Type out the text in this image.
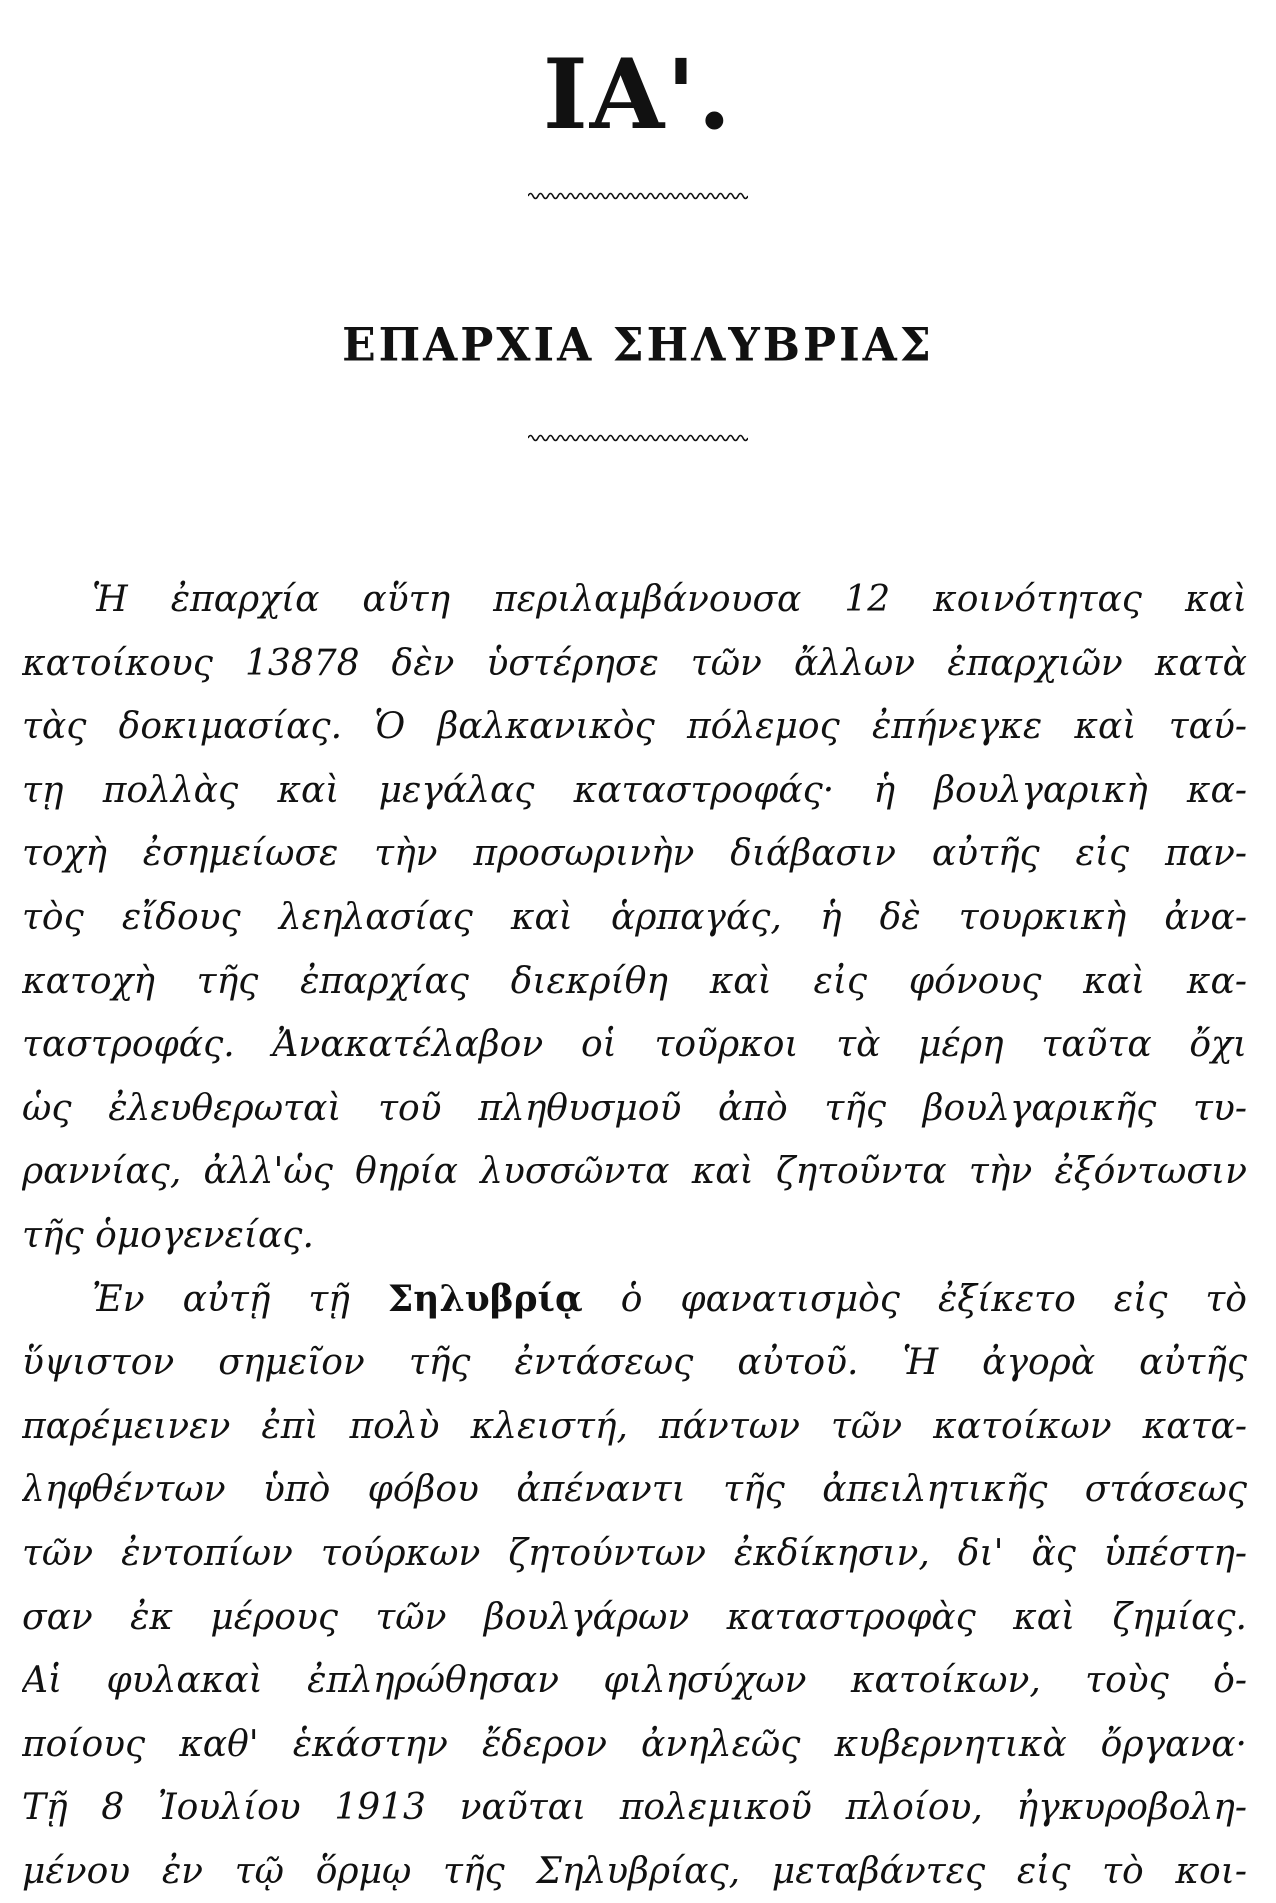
ΙΑ'.
ΕΠΑΡΧΙΑ ΣΗΛΥΒΡΙΑΣ
Ἡ ἐπαρχία αὕτη περιλαμβάνουσα 12 κοινότητας καὶ
κατοίκους 13878 δὲν ὑστέρησε τῶν ἄλλων ἐπαρχιῶν κατὰ
τὰς δοκιμασίας. Ὁ βαλκανικὸς πόλεμος ἐπήνεγκε καὶ ταύ-
τῃ πολλὰς καὶ μεγάλας καταστροφάς· ἡ βουλγαρικὴ κα-
τοχὴ ἐσημείωσε τὴν προσωρινὴν διάβασιν αὐτῆς εἰς παν-
τὸς εἴδους λεηλασίας καὶ ἁρπαγάς, ἡ δὲ τουρκικὴ ἀνα-
κατοχὴ τῆς ἐπαρχίας διεκρίθη καὶ εἰς φόνους καὶ κα-
ταστροφάς. Ἀνακατέλαβον οἱ τοῦρκοι τὰ μέρη ταῦτα ὄχι
ὡς ἐλευθερωταὶ τοῦ πληθυσμοῦ ἀπὸ τῆς βουλγαρικῆς τυ-
ραννίας, ἀλλ'ὡς θηρία λυσσῶντα καὶ ζητοῦντα τὴν ἐξόντωσιν
τῆς ὁμογενείας.
Ἐν αὐτῇ τῇ Σηλυβρίᾳ ὁ φανατισμὸς ἐξίκετο εἰς τὸ
ὕψιστον σημεῖον τῆς ἐντάσεως αὐτοῦ. Ἡ ἀγορὰ αὐτῆς
παρέμεινεν ἐπὶ πολὺ κλειστή, πάντων τῶν κατοίκων κατα-
ληφθέντων ὑπὸ φόβου ἀπέναντι τῆς ἀπειλητικῆς στάσεως
τῶν ἐντοπίων τούρκων ζητούντων ἐκδίκησιν, δι' ἃς ὑπέστη-
σαν ἐκ μέρους τῶν βουλγάρων καταστροφὰς καὶ ζημίας.
Αἱ φυλακαὶ ἐπληρώθησαν φιλησύχων κατοίκων, τοὺς ὁ-
ποίους καθ' ἑκάστην ἔδερον ἀνηλεῶς κυβερνητικὰ ὄργανα·
Τῇ 8 Ἰουλίου 1913 ναῦται πολεμικοῦ πλοίου, ἠγκυροβολη-
μένου ἐν τῷ ὅρμῳ τῆς Σηλυβρίας, μεταβάντες εἰς τὸ κοι-
